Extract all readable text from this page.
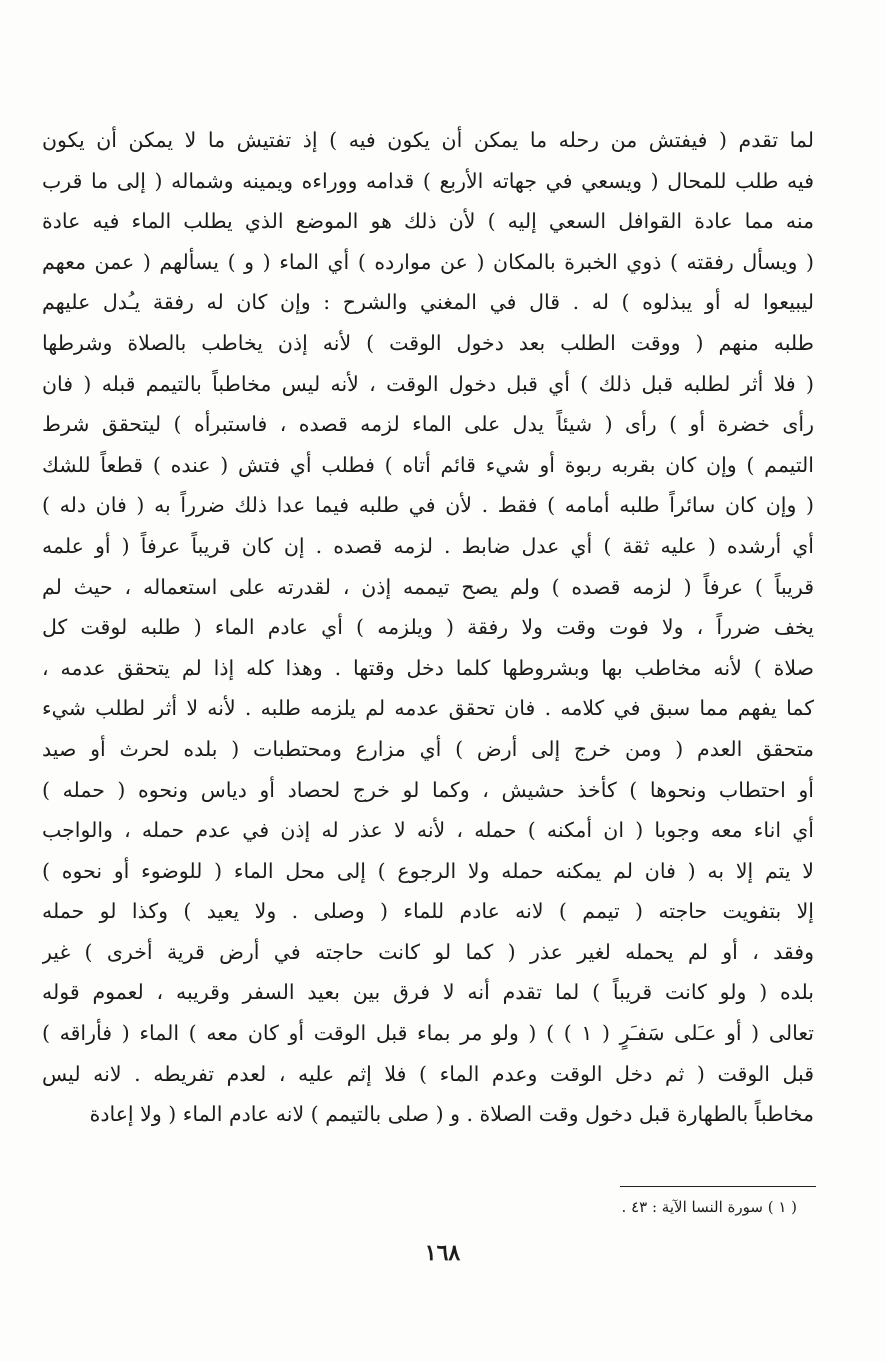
لما تقدم ( فيفتش من رحله ما يمكن أن يكون فيه ) إذ تفتيش ما لا يمكن أن يكون
فيه طلب للمحال ( ويسعي في جهاته الأربع ) قدامه ووراءه ويمينه وشماله ( إلى ما قرب
منه مما عادة القوافل السعي إليه ) لأن ذلك هو الموضع الذي يطلب الماء فيه عادة
( ويسأل رفقته ) ذوي الخبرة بالمكان ( عن موارده ) أي الماء ( و ) يسألهم ( عمن معهم
ليبيعوا له أو يبذلوه ) له . قال في المغني والشرح : وإن كان له رفقة يـُدل عليهم
طلبه منهم ( ووقت الطلب بعد دخول الوقت ) لأنه إذن يخاطب بالصلاة وشرطها
( فلا أثر لطلبه قبل ذلك ) أي قبل دخول الوقت ، لأنه ليس مخاطباً بالتيمم قبله ( فان
رأى خضرة أو ) رأى ( شيئاً يدل على الماء لزمه قصده ، فاستبرأه ) ليتحقق شرط
التيمم ) وإن كان بقربه ربوة أو شيء قائم أتاه ) فطلب أي فتش ( عنده ) قطعاً للشك
( وإن كان سائراً طلبه أمامه ) فقط . لأن في طلبه فيما عدا ذلك ضرراً به ( فان دله )
أي أرشده ( عليه ثقة ) أي عدل ضابط . لزمه قصده . إن كان قريباً عرفاً ( أو علمه
قريباً ) عرفاً ( لزمه قصده ) ولم يصح تيممه إذن ، لقدرته على استعماله ، حيث لم
يخف ضرراً ، ولا فوت وقت ولا رفقة ( ويلزمه ) أي عادم الماء ( طلبه لوقت كل
صلاة ) لأنه مخاطب بها وبشروطها كلما دخل وقتها . وهذا كله إذا لم يتحقق عدمه ،
كما يفهم مما سبق في كلامه . فان تحقق عدمه لم يلزمه طلبه . لأنه لا أثر لطلب شيء
متحقق العدم ( ومن خرج إلى أرض ) أي مزارع ومحتطبات ( بلده لحرث أو صيد
أو احتطاب ونحوها ) كأخذ حشيش ، وكما لو خرج لحصاد أو دياس ونحوه ( حمله )
أي اناء معه وجوبا ( ان أمكنه ) حمله ، لأنه لا عذر له إذن في عدم حمله ، والواجب
لا يتم إلا به ( فان لم يمكنه حمله ولا الرجوع ) إلى محل الماء ( للوضوء أو نحوه )
إلا بتفويت حاجته ( تيمم ) لانه عادم للماء ( وصلى . ولا يعيد ) وكذا لو حمله
وفقد ، أو لم يحمله لغير عذر ( كما لو كانت حاجته في أرض قرية أخرى ) غير
بلده ( ولو كانت قريباً ) لما تقدم أنه لا فرق بين بعيد السفر وقريبه ، لعموم قوله
تعالى ( أو عـَلى سَفـَرٍ ( ١ ) ) ( ولو مر بماء قبل الوقت أو كان معه ) الماء ( فأراقه )
قبل الوقت ( ثم دخل الوقت وعدم الماء ) فلا إثم عليه ، لعدم تفريطه . لانه ليس
مخاطباً بالطهارة قبل دخول وقت الصلاة . و ( صلى بالتيمم ) لانه عادم الماء ( ولا إعادة
( ١ ) سورة النسا الآية : ٤٣ .
١٦٨
